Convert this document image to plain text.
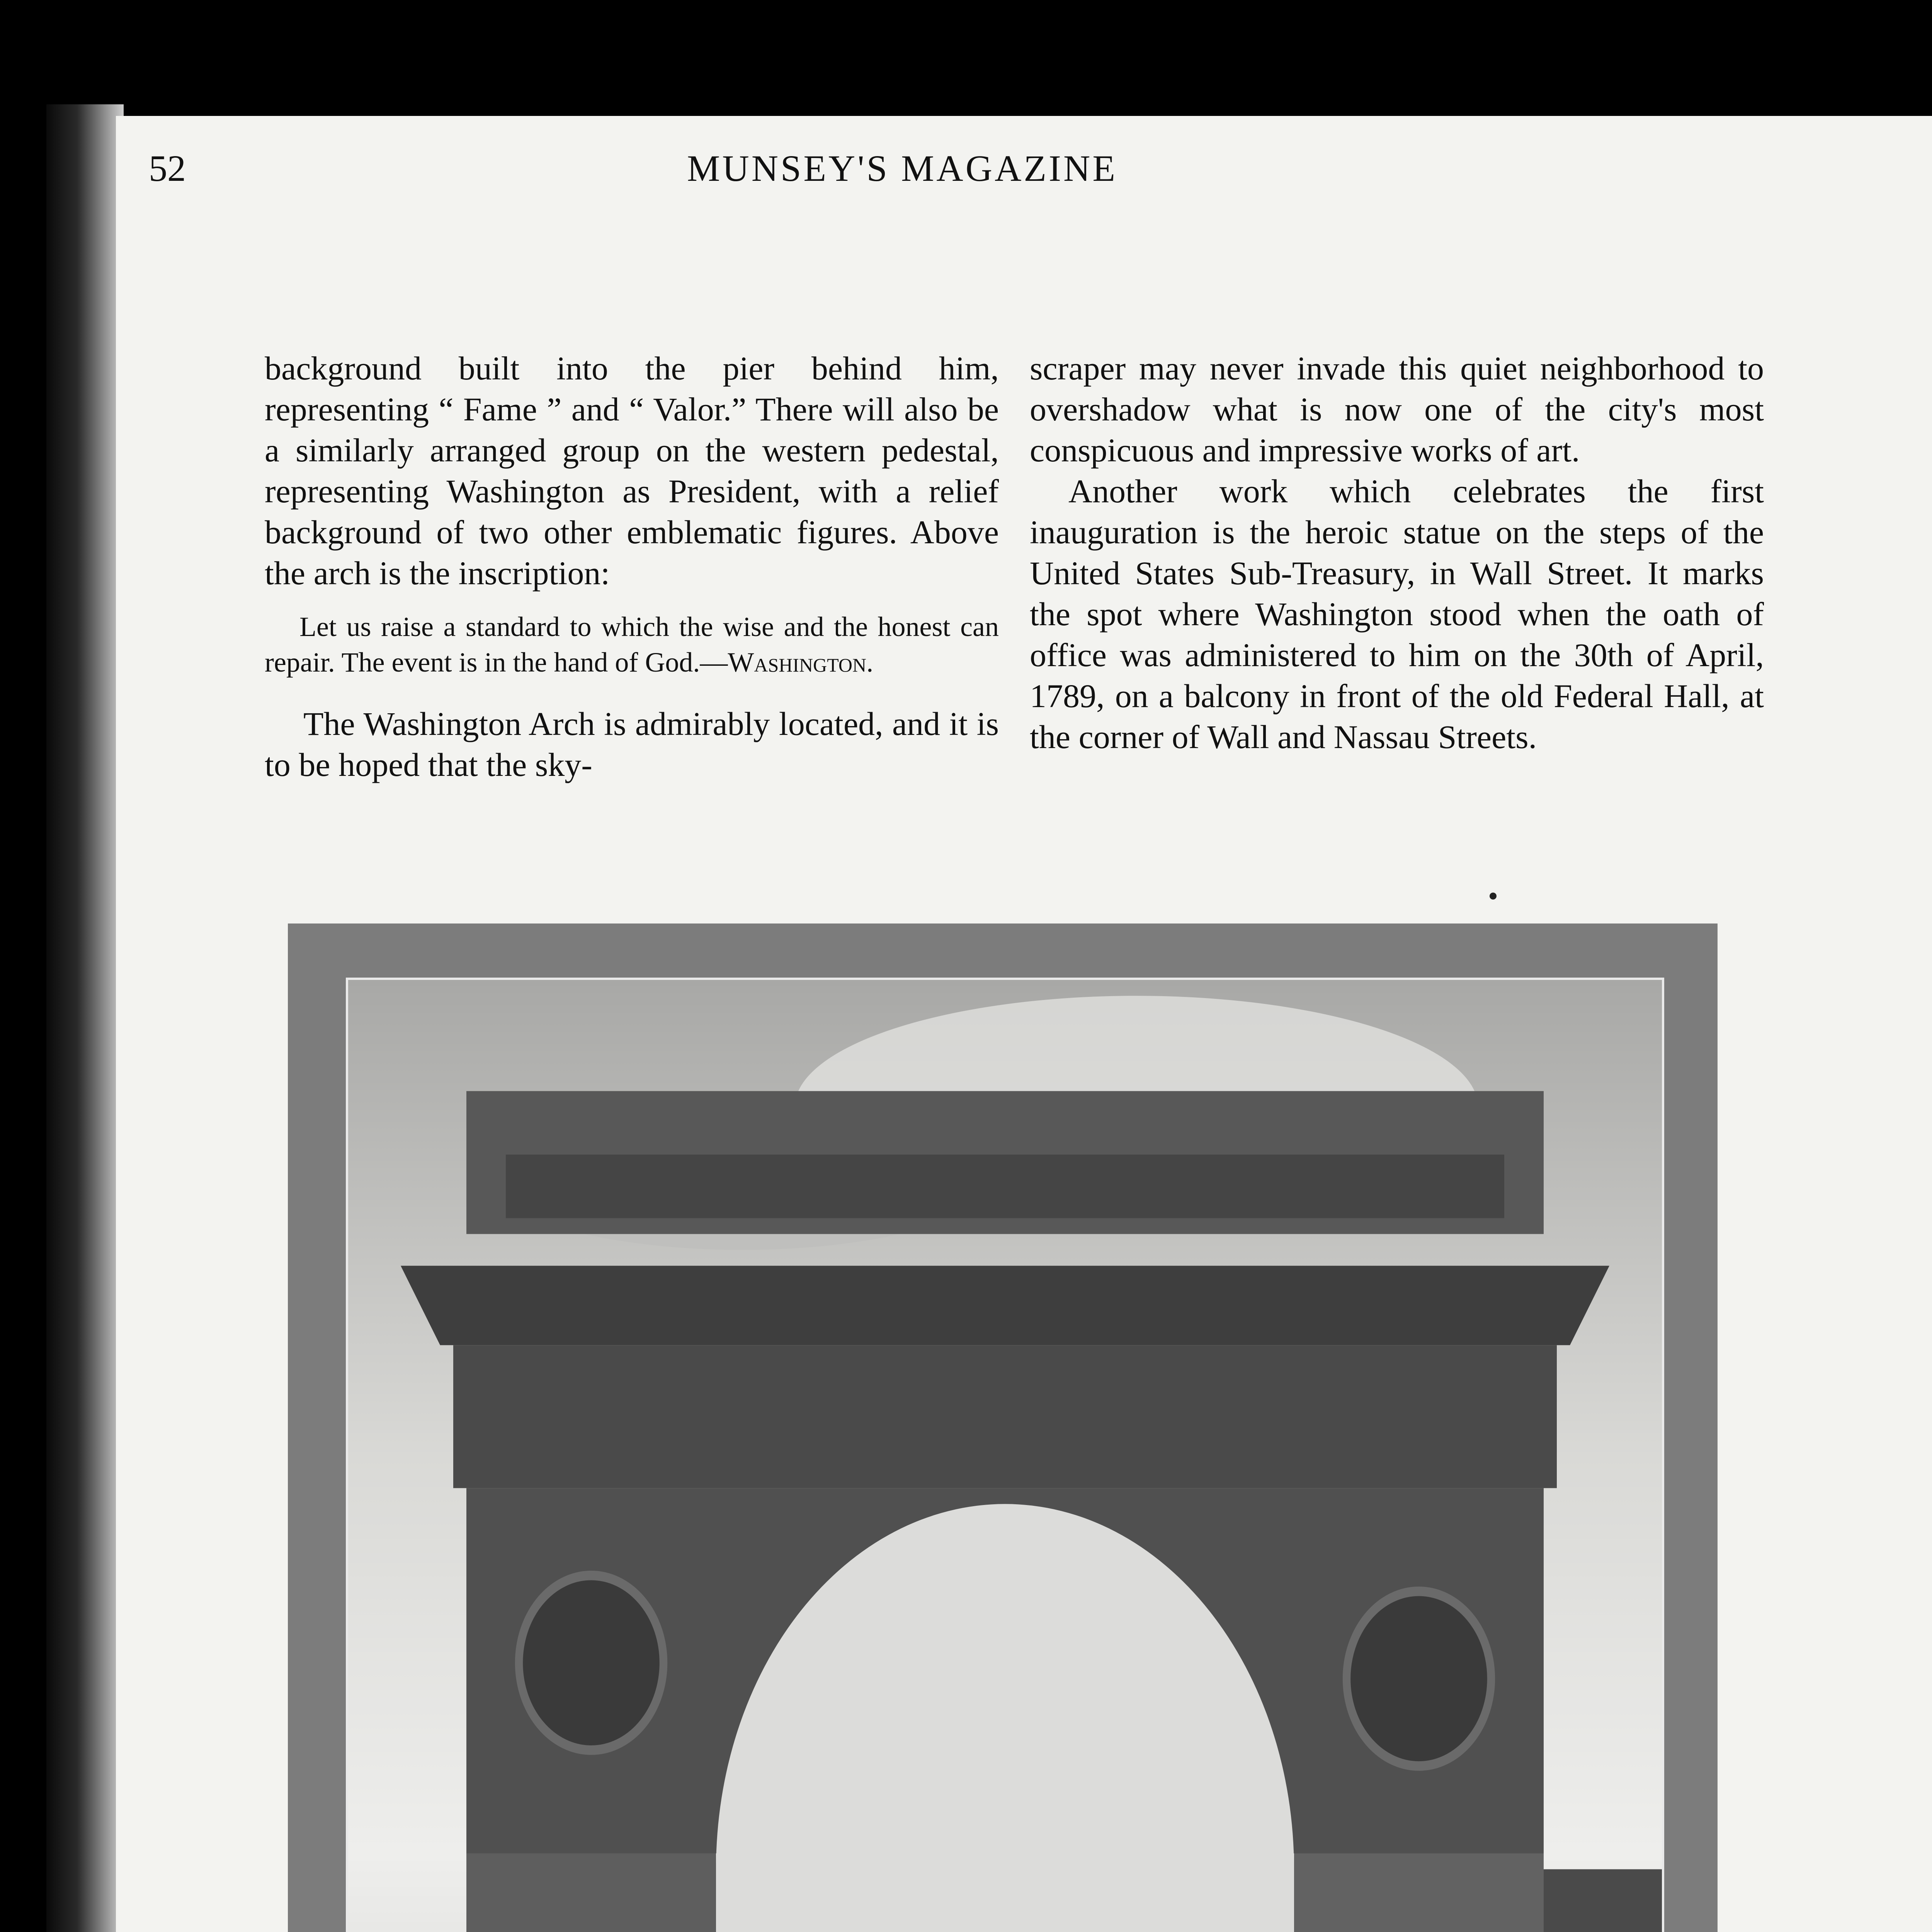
52	MUNSEY'S MAGAZINE

background built into the pier behind him, representing “ Fame ” and “ Valor.” There will also be a similarly arranged group on the western pedestal, representing Washington as President, with a relief background of two other emblematic figures. Above the arch is the inscription:

Let us raise a standard to which the wise and the honest can repair. The event is in the hand of God.—Washington.

The Washington Arch is admirably located, and it is to be hoped that the sky-

scraper may never invade this quiet neighborhood to overshadow what is now one of the city's most conspicuous and impressive works of art.

Another work which celebrates the first inauguration is the heroic statue on the steps of the United States Sub-Treasury, in Wall Street. It marks the spot where Washington stood when the oath of office was administered to him on the 30th of April, 1789, on a balcony in front of the old Federal Hall, at the corner of Wall and Nassau Streets.
